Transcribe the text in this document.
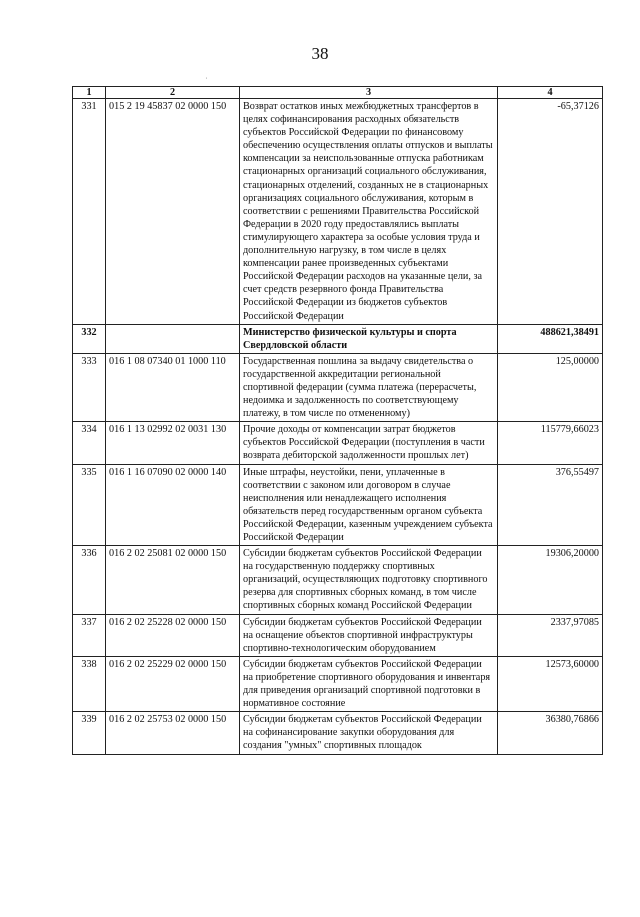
38
˙
1	2	3	4
331	015 2 19 45837 02 0000 150	Возврат остатков иных межбюджетных трансфертов в целях софинансирования расходных обязательств субъектов Российской Федерации по финансовому обеспечению осуществления оплаты отпусков и выплаты компенсации за неиспользованные отпуска работникам стационарных организаций социального обслуживания, стационарных отделений, созданных не в стационарных организациях социального обслуживания, которым в соответствии с решениями Правительства Российской Федерации в 2020 году предоставлялись выплаты стимулирующего характера за особые условия труда и дополнительную нагрузку, в том числе в целях компенсации ранее произведенных субъектами Российской Федерации расходов на указанные цели, за счет средств резервного фонда Правительства Российской Федерации из бюджетов субъектов Российской Федерации	-65,37126
332		Министерство физической культуры и спорта Свердловской области	488621,38491
333	016 1 08 07340 01 1000 110	Государственная пошлина за выдачу свидетельства о государственной аккредитации региональной спортивной федерации (сумма платежа (перерасчеты, недоимка и задолженность по соответствующему платежу, в том числе по отмененному)	125,00000
334	016 1 13 02992 02 0031 130	Прочие доходы от компенсации затрат бюджетов субъектов Российской Федерации (поступления в части возврата дебиторской задолженности прошлых лет)	115779,66023
335	016 1 16 07090 02 0000 140	Иные штрафы, неустойки, пени, уплаченные в соответствии с законом или договором в случае неисполнения или ненадлежащего исполнения обязательств перед государственным органом субъекта Российской Федерации, казенным учреждением субъекта Российской Федерации	376,55497
336	016 2 02 25081 02 0000 150	Субсидии бюджетам субъектов Российской Федерации на государственную поддержку спортивных организаций, осуществляющих подготовку спортивного резерва для спортивных сборных команд, в том числе спортивных сборных команд Российской Федерации	19306,20000
337	016 2 02 25228 02 0000 150	Субсидии бюджетам субъектов Российской Федерации на оснащение объектов спортивной инфраструктуры спортивно-технологическим оборудованием	2337,97085
338	016 2 02 25229 02 0000 150	Субсидии бюджетам субъектов Российской Федерации на приобретение спортивного оборудования и инвентаря для приведения организаций спортивной подготовки в нормативное состояние	12573,60000
339	016 2 02 25753 02 0000 150	Субсидии бюджетам субъектов Российской Федерации на софинансирование закупки оборудования для создания "умных" спортивных площадок	36380,76866
